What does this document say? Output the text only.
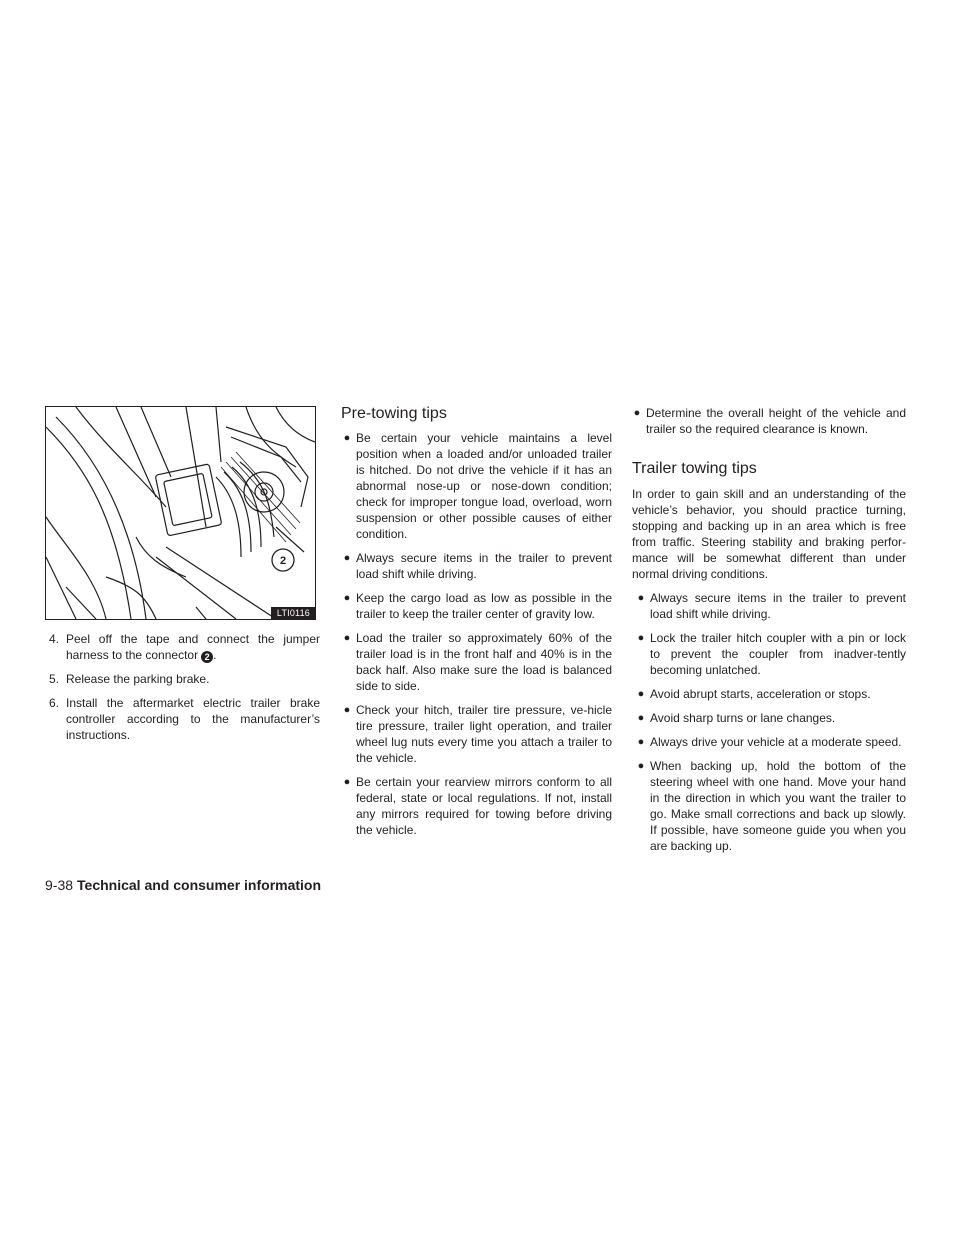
2
LTI0116
4. Peel off the tape and connect the jumper harness to the connector 2 .
5. Release the parking brake.
6. Install the aftermarket electric trailer brake controller according to the manufacturer’s instructions.
Pre-towing tips
● Be certain your vehicle maintains a level position when a loaded and/or unloaded trailer is hitched. Do not drive the vehicle if it has an abnormal nose-up or nose-down condition; check for improper tongue load, overload, worn suspension or other possible causes of either condition.
● Always secure items in the trailer to prevent load shift while driving.
● Keep the cargo load as low as possible in the trailer to keep the trailer center of gravity low.
● Load the trailer so approximately 60% of the trailer load is in the front half and 40% is in the back half. Also make sure the load is balanced side to side.
● Check your hitch, trailer tire pressure, ve-hicle tire pressure, trailer light operation, and trailer wheel lug nuts every time you attach a trailer to the vehicle.
● Be certain your rearview mirrors conform to all federal, state or local regulations. If not, install any mirrors required for towing before driving the vehicle.
● Determine the overall height of the vehicle and trailer so the required clearance is known.
Trailer towing tips

In order to gain skill and an understanding of the vehicle’s behavior, you should practice turning, stopping and backing up in an area which is free from traffic. Steering stability and braking perfor-mance will be somewhat different than under normal driving conditions.

● Always secure items in the trailer to prevent load shift while driving.
● Lock the trailer hitch coupler with a pin or lock to prevent the coupler from inadver-tently becoming unlatched.
● Avoid abrupt starts, acceleration or stops.
● Avoid sharp turns or lane changes.
● Always drive your vehicle at a moderate speed.
● When backing up, hold the bottom of the steering wheel with one hand. Move your hand in the direction in which you want the trailer to go. Make small corrections and back up slowly. If possible, have someone guide you when you are backing up.
9-38 Technical and consumer information
